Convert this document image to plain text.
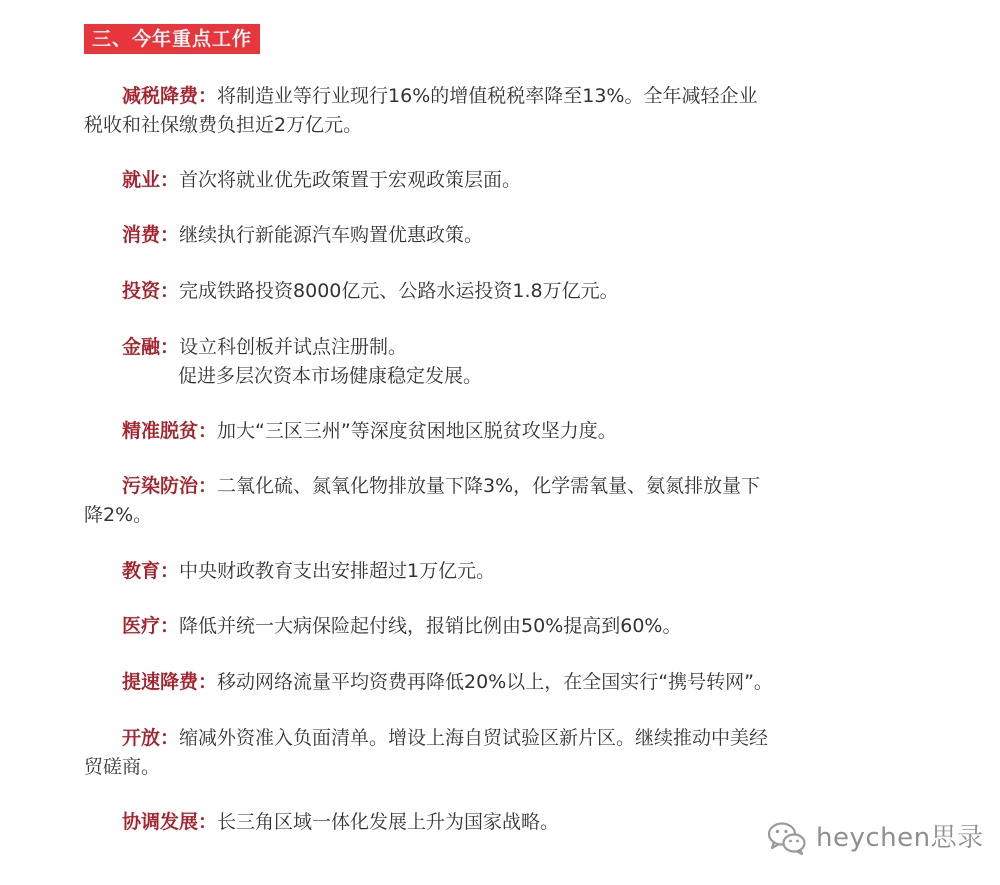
三、今年重点工作
减税降费：将制造业等行业现行16%的增值税税率降至13%。全年减轻企业税收和社保缴费负担近2万亿元。
就业：首次将就业优先政策置于宏观政策层面。
消费：继续执行新能源汽车购置优惠政策。
投资：完成铁路投资8000亿元、公路水运投资1.8万亿元。
金融：设立科创板并试点注册制。
促进多层次资本市场健康稳定发展。
精准脱贫：加大“三区三州”等深度贫困地区脱贫攻坚力度。
污染防治：二氧化硫、氮氧化物排放量下降3%，化学需氧量、氨氮排放量下降2%。
教育：中央财政教育支出安排超过1万亿元。
医疗：降低并统一大病保险起付线，报销比例由50%提高到60%。
提速降费：移动网络流量平均资费再降低20%以上，在全国实行“携号转网”。
开放：缩减外资准入负面清单。增设上海自贸试验区新片区。继续推动中美经贸磋商。
协调发展：长三角区域一体化发展上升为国家战略。
heychen思录
